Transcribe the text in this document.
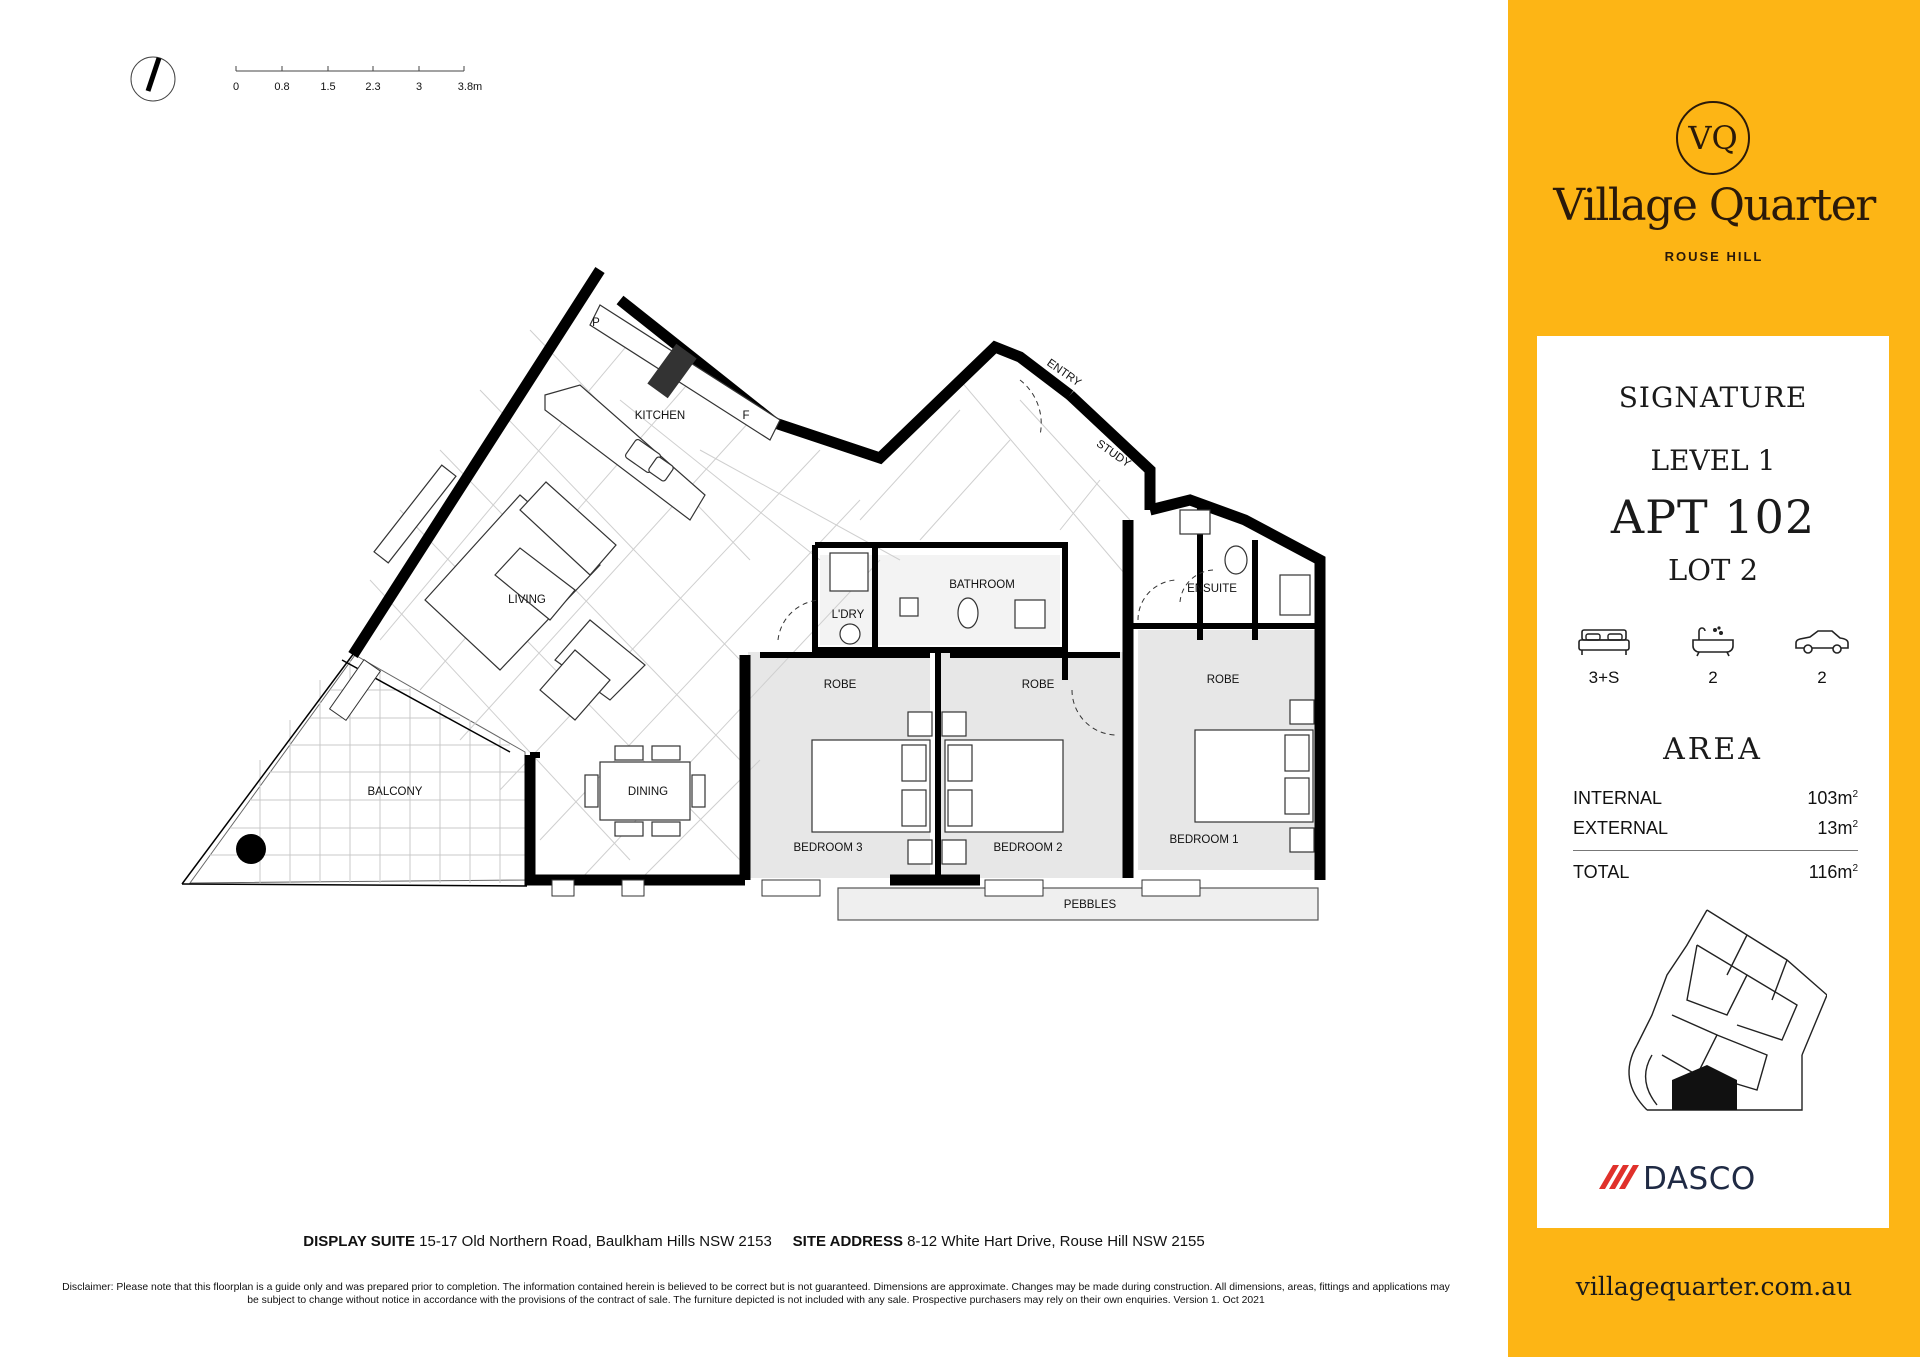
0	0.8	1.5	2.3	3	3.8m
P
KITCHEN	F
ENTRY
STUDY
LIVING
L'DRY
BATHROOM	ENSUITE
ROBE	ROBE	ROBE
BALCONY	DINING
BEDROOM 3	BEDROOM 2
BEDROOM 1
PEBBLES
DISPLAY SUITE 15-17 Old Northern Road, Baulkham Hills NSW 2153 SITE ADDRESS 8-12 White Hart Drive, Rouse Hill NSW 2155
Disclaimer: Please note that this floorplan is a guide only and was prepared prior to completion. The information contained herein is believed to be correct but is not guaranteed. Dimensions are approximate. Changes may be made during construction. All dimensions, areas, fittings and applications may be subject to change without notice in accordance with the provisions of the contract of sale. The furniture depicted is not included with any sale. Prospective purchasers may rely on their own enquiries. Version 1. Oct 2021
VQ
Village Quarter
ROUSE HILL
SIGNATURE
LEVEL 1
APT 102
LOT 2
3+S	2	2
AREA
INTERNAL	$103m^2$
EXTERNAL	$13m^2$
TOTAL	$116m^2$
DASCO
villagequarter.com.au
